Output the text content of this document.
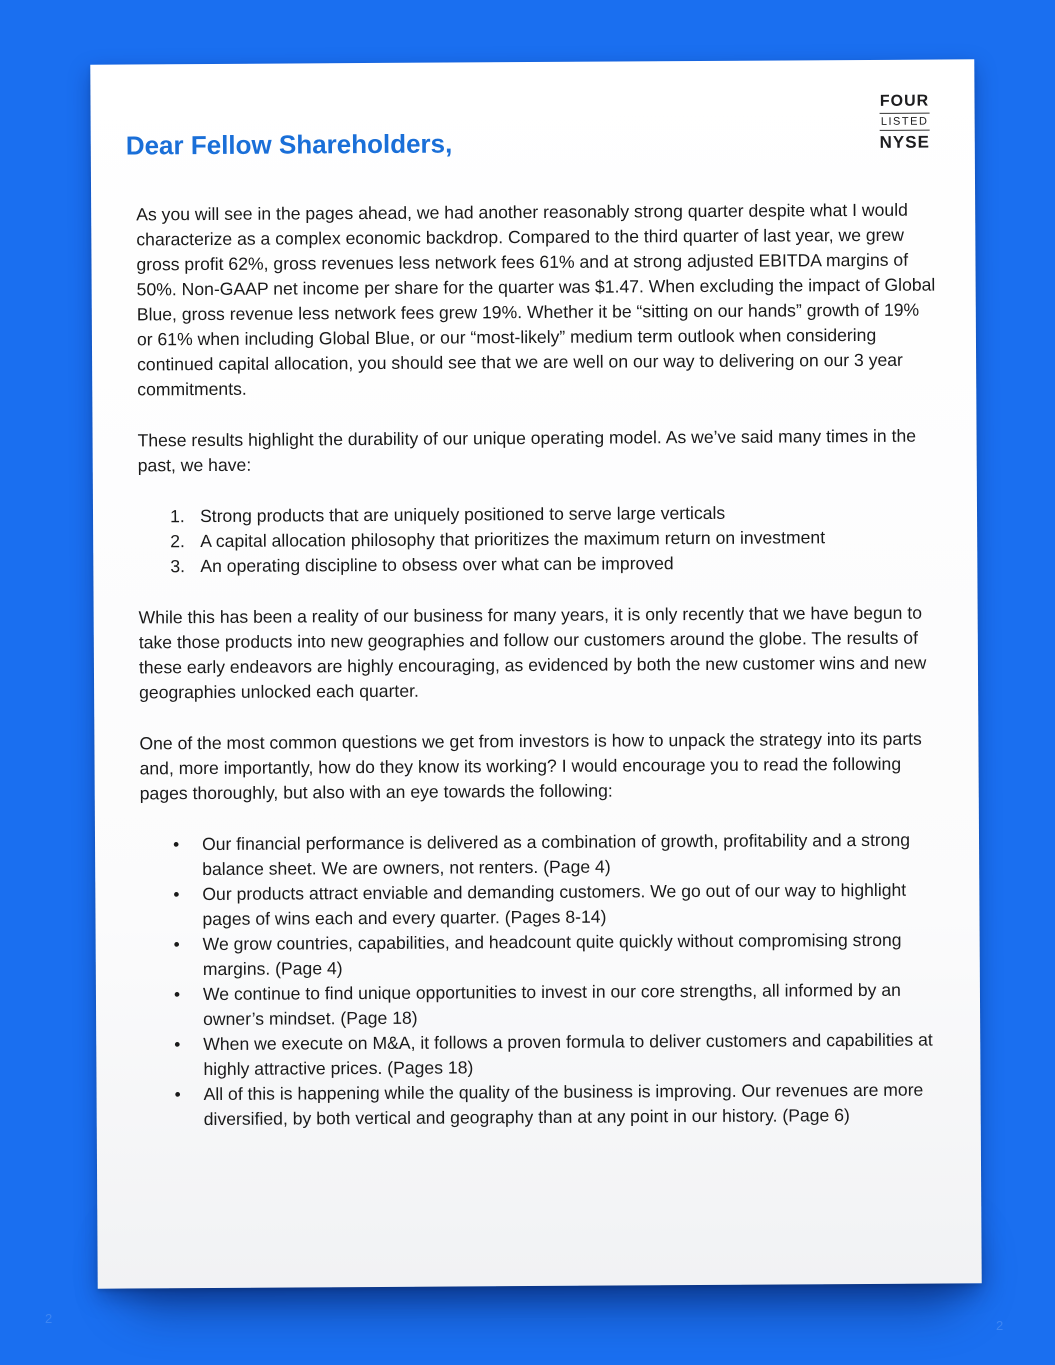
FOUR
LISTED
NYSE
Dear Fellow Shareholders,

As you will see in the pages ahead, we had another reasonably strong quarter despite what I would characterize as a complex economic backdrop. Compared to the third quarter of last year, we grew gross profit 62%, gross revenues less network fees 61% and at strong adjusted EBITDA margins of 50%. Non-GAAP net income per share for the quarter was $1.47. When excluding the impact of Global Blue, gross revenue less network fees grew 19%. Whether it be “sitting on our hands” growth of 19% or 61% when including Global Blue, or our “most-likely” medium term outlook when considering continued capital allocation, you should see that we are well on our way to delivering on our 3 year commitments.

These results highlight the durability of our unique operating model. As we’ve said many times in the past, we have:

1. Strong products that are uniquely positioned to serve large verticals
2. A capital allocation philosophy that prioritizes the maximum return on investment
3. An operating discipline to obsess over what can be improved

While this has been a reality of our business for many years, it is only recently that we have begun to take those products into new geographies and follow our customers around the globe. The results of these early endeavors are highly encouraging, as evidenced by both the new customer wins and new geographies unlocked each quarter.

One of the most common questions we get from investors is how to unpack the strategy into its parts and, more importantly, how do they know its working? I would encourage you to read the following pages thoroughly, but also with an eye towards the following:

• Our financial performance is delivered as a combination of growth, profitability and a strong balance sheet. We are owners, not renters. (Page 4)
• Our products attract enviable and demanding customers. We go out of our way to highlight pages of wins each and every quarter. (Pages 8-14)
• We grow countries, capabilities, and headcount quite quickly without compromising strong margins. (Page 4)
• We continue to find unique opportunities to invest in our core strengths, all informed by an owner’s mindset. (Page 18)
• When we execute on M&A, it follows a proven formula to deliver customers and capabilities at highly attractive prices. (Pages 18)
• All of this is happening while the quality of the business is improving. Our revenues are more diversified, by both vertical and geography than at any point in our history. (Page 6)
2	2
